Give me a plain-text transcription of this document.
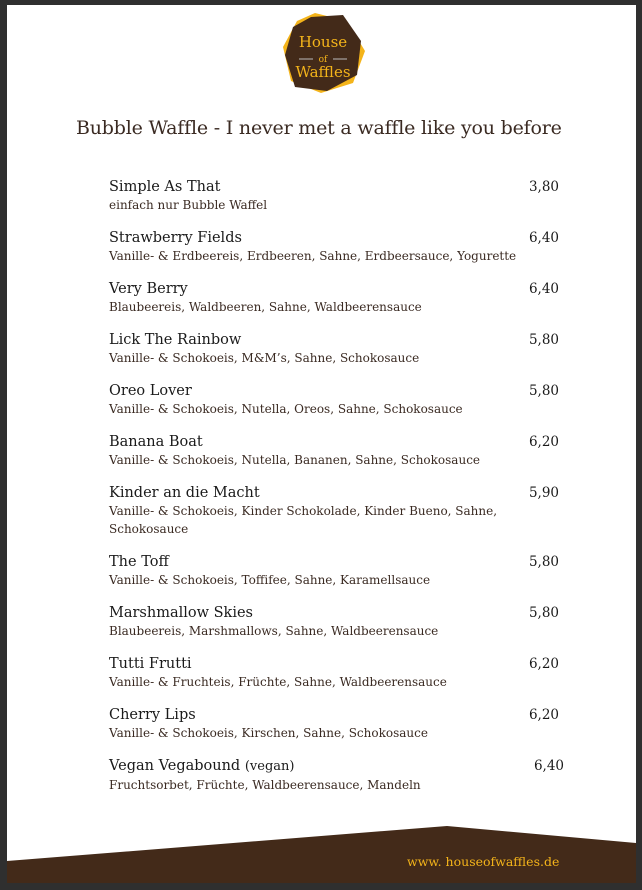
House
of
Waffles
Bubble Waffle - I never met a waffle like you before
Simple As That
einfach nur Bubble Waffel
3,80
Strawberry Fields
Vanille- & Erdbeereis, Erdbeeren, Sahne, Erdbeersauce, Yogurette
6,40
Very Berry
Blaubeereis, Waldbeeren, Sahne, Waldbeerensauce
6,40
Lick The Rainbow
Vanille- & Schokoeis, M&M’s, Sahne, Schokosauce
5,80
Oreo Lover
Vanille- & Schokoeis, Nutella, Oreos, Sahne, Schokosauce
5,80
Banana Boat
Vanille- & Schokoeis, Nutella, Bananen, Sahne, Schokosauce
6,20
Kinder an die Macht
Vanille- & Schokoeis, Kinder Schokolade, Kinder Bueno, Sahne, Schokosauce
5,90
The Toff
Vanille- & Schokoeis, Toffifee, Sahne, Karamellsauce
5,80
Marshmallow Skies
Blaubeereis, Marshmallows, Sahne, Waldbeerensauce
5,80
Tutti Frutti
Vanille- & Fruchteis, Früchte, Sahne, Waldbeerensauce
6,20
Cherry Lips
Vanille- & Schokoeis, Kirschen, Sahne, Schokosauce
6,20
Vegan Vegabound (vegan)
Fruchtsorbet, Früchte, Waldbeerensauce, Mandeln
6,40
www. houseofwaffles.de
